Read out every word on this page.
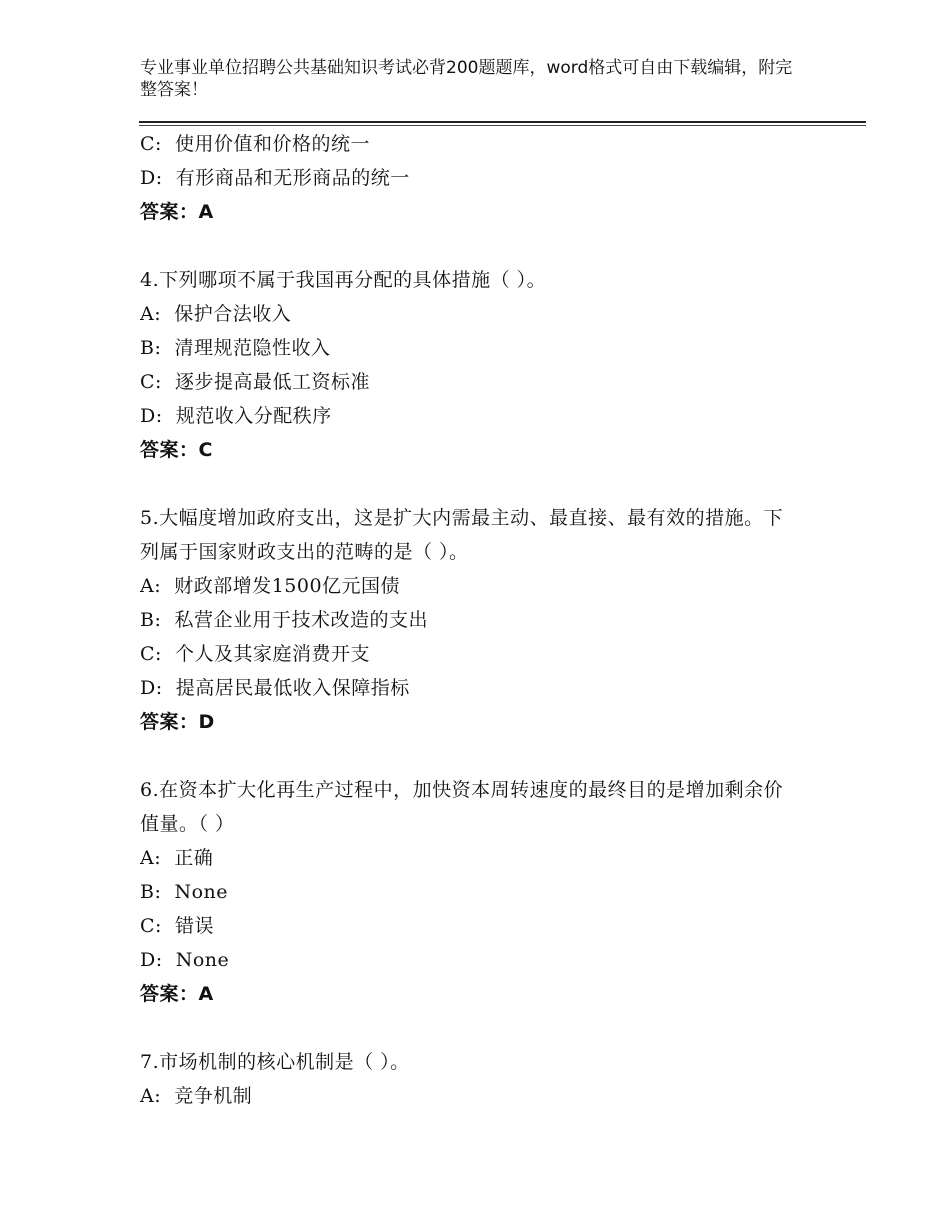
专业事业单位招聘公共基础知识考试必背200题题库，word格式可自由下载编辑，附完整答案！
C:  使用价值和价格的统一
D:  有形商品和无形商品的统一
答案：A
4.下列哪项不属于我国再分配的具体措施（ ）。
A:  保护合法收入
B:  清理规范隐性收入
C:  逐步提高最低工资标准
D:  规范收入分配秩序
答案：C
5.大幅度增加政府支出，这是扩大内需最主动、最直接、最有效的措施。下列属于国家财政支出的范畴的是（ ）。
A:  财政部增发1500亿元国债
B:  私营企业用于技术改造的支出
C:  个人及其家庭消费开支
D:  提高居民最低收入保障指标
答案：D
6.在资本扩大化再生产过程中，加快资本周转速度的最终目的是增加剩余价值量。（ ）
A:  正确
B:  None
C:  错误
D:  None
答案：A
7.市场机制的核心机制是（ ）。
A:  竞争机制
